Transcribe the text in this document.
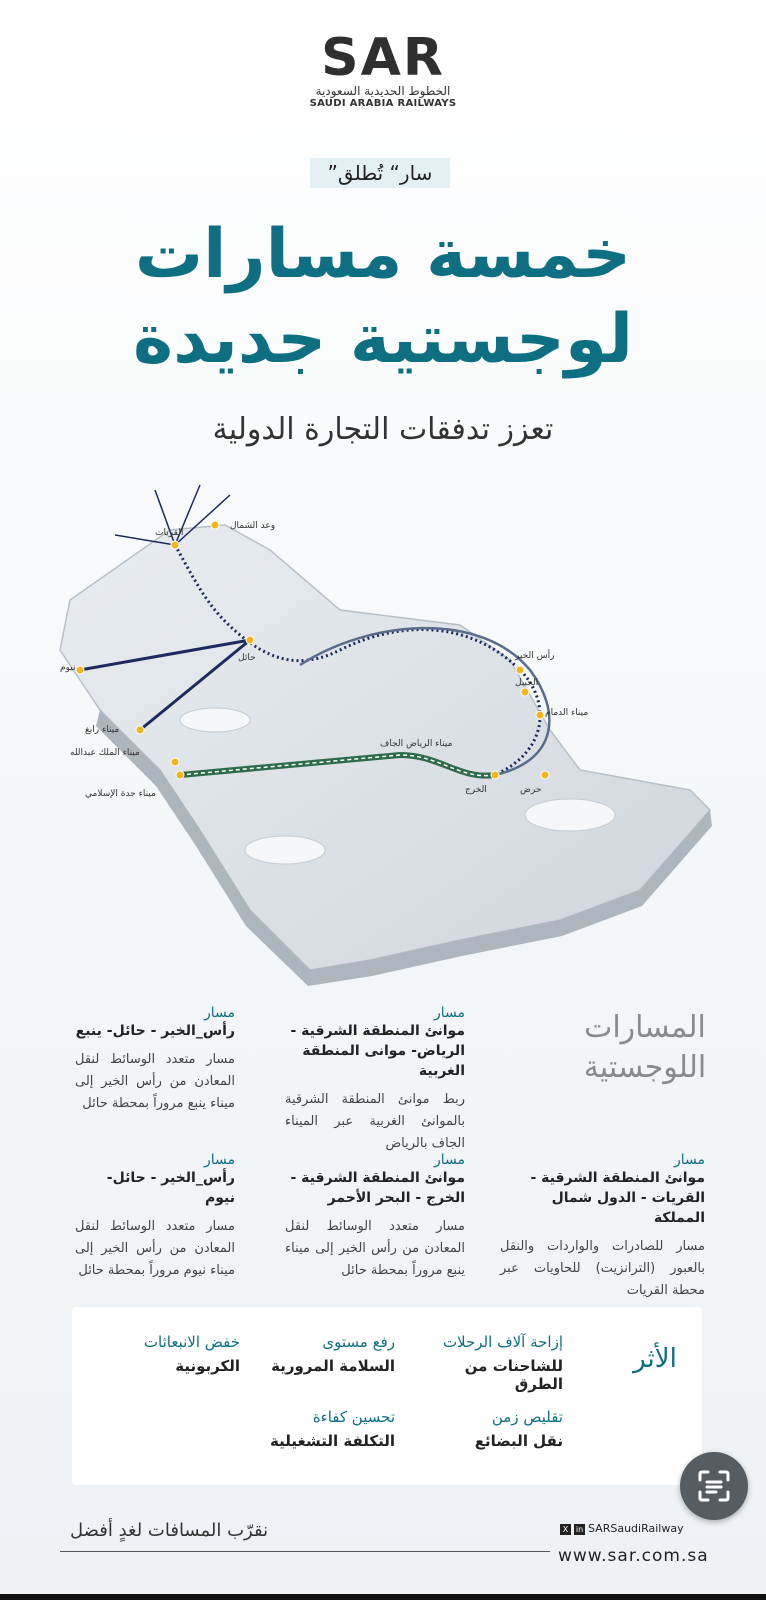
SAR
الخطوط الحديدية السعودية
SAUDI ARABIA RAILWAYS
”سار“ تُطلق
خمسة مسارات
لوجستية جديدة
تعزز تدفقات التجارة الدولية
القريات
وعد الشمال
حائل
نيوم
ميناء رابغ
ميناء الملك عبدالله
ميناء جدة الإسلامي
ميناء الرياض الجاف
الخرج	حرض
رأس الخير
الجبيل
ميناء الدمام
المسارات اللوجستية
مسار
رأس_الخير - حائل- ينبع
مسار متعدد الوسائط لنقل المعادن من رأس الخير إلى ميناء ينبع مروراً بمحطة حائل
مسار
موانئ المنطقة الشرقية - الرياض- موانى المنطقة الغربية
ربط موانئ المنطقة الشرقية بالموانئ الغربية عبر الميناء الجاف بالرياض
مسار
رأس_الخير - حائل- نيوم
مسار متعدد الوسائط لنقل المعادن من رأس الخير إلى ميناء نيوم مروراً بمحطة حائل
مسار
موانئ المنطقة الشرقية - الخرج - البحر الأحمر
مسار متعدد الوسائط لنقل المعادن من رأس الخير إلى ميناء ينبع مروراً بمحطة حائل
مسار
موانئ المنطقة الشرقية - القريات - الدول شمال المملكة
مسار للصادرات والواردات والنقل بالعبور (الترانزيت) للحاويات عبر محطة القريات
الأثر
إزاحة آلاف الرحلات
للشاحنات من الطرق
رفع مستوى
السلامة المرورية
خفض الانبعاثات
الكربونية
تقليص زمن
نقل البضائع
تحسين كفاءة
التكلفة التشغيلية
نقرّب المسافات لغدٍ أفضل	X in SARSaudiRailway
www.sar.com.sa
